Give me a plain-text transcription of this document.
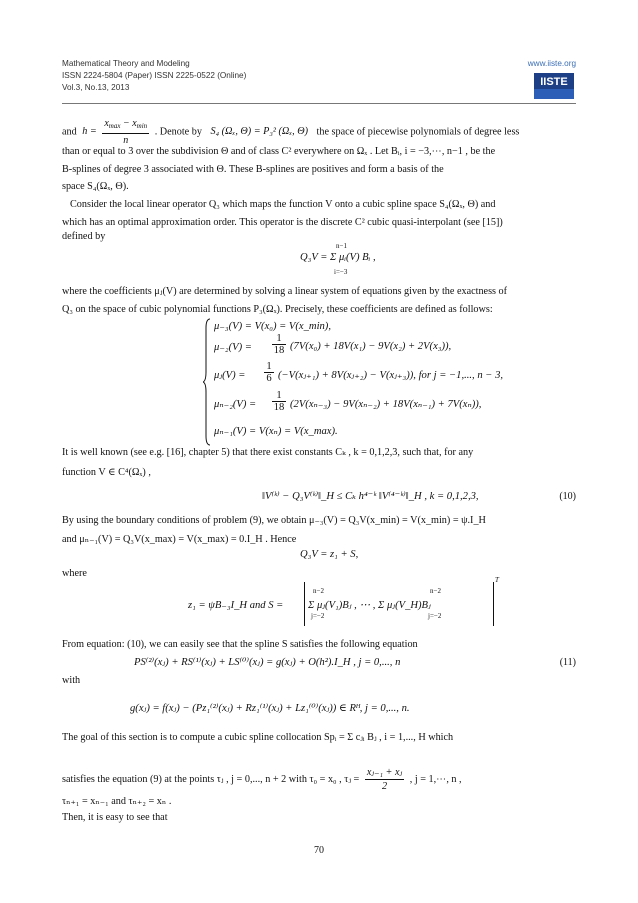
Mathematical Theory and Modeling
ISSN 2224-5804 (Paper) ISSN 2225-0522 (Online)
Vol.3, No.13, 2013
www.iiste.org
IISTE
and h =
$x_{max} - x_{min}$
n
. Denote by S₄ (Ωₓ, Θ) = P₃² (Ωₓ, Θ) the space of piecewise polynomials of degree less
than or equal to 3 over the subdivision Θ and of class C² everywhere on Ωₓ . Let Bᵢ, i = −3,⋯, n−1 , be the
B-splines of degree 3 associated with Θ. These B-splines are positives and form a basis of the
space S₄(Ωₓ, Θ).
Consider the local linear operator Q₃ which maps the function V onto a cubic spline space S₄(Ωₓ, Θ) and
which has an optimal approximation order. This operator is the discrete C² cubic quasi-interpolant (see [15])
defined by
n−1
Q₃V = Σ μᵢ(V) Bᵢ ,
i=−3
where the coefficients μⱼ(V) are determined by solving a linear system of equations given by the exactness of
Q₃ on the space of cubic polynomial functions P₃(Ωₓ). Precisely, these coefficients are defined as follows:
μ₋₃(V) = V(x₀) = V(x_min),
μ₋₂(V) =
1
18 (7V(x₀) + 18V(x₁) − 9V(x₂) + 2V(x₃)),
μⱼ(V) =
1
6 (−V(xⱼ₊₁) + 8V(xⱼ₊₂) − V(xⱼ₊₃)), for j = −1,..., n − 3,
μₙ₋₂(V) =
1
18 (2V(xₙ₋₃) − 9V(xₙ₋₂) + 18V(xₙ₋₁) + 7V(xₙ)),
μₙ₋₁(V) = V(xₙ) = V(x_max).
It is well known (see e.g. [16], chapter 5) that there exist constants Cₖ , k = 0,1,2,3, such that, for any
function V ∈ C⁴(Ωₓ) ,
‖V⁽ᵏ⁾ − Q₃V⁽ᵏ⁾‖_H ≤ Cₖ h⁴⁻ᵏ ‖V⁽⁴⁻ᵏ⁾‖_H , k = 0,1,2,3,	(10)
By using the boundary conditions of problem (9), we obtain μ₋₃(V) = Q₃V(x_min) = V(x_min) = ψ.I_H
and μₙ₋₁(V) = Q₃V(x_max) = V(x_max) = 0.I_H . Hence
Q₃V = z₁ + S,
where
z₁ = ψB₋₃I_H and S =
n−2	n−2
Σ μⱼ(V₁)Bⱼ , ⋯ , Σ μⱼ(V_H)Bⱼ
j=−2	j=−2
T
From equation: (10), we can easily see that the spline S satisfies the following equation
PS⁽²⁾(xⱼ) + RS⁽¹⁾(xⱼ) + LS⁽⁰⁾(xⱼ) = g(xⱼ) + O(h²).I_H , j = 0,..., n	(11)
with
g(xⱼ) = f(xⱼ) − (Pz₁⁽²⁾(xⱼ) + Rz₁⁽¹⁾(xⱼ) + Lz₁⁽⁰⁾(xⱼ)) ∈ Rᴴ, j = 0,..., n.
The goal of this section is to compute a cubic spline collocation Spᵢ = Σ cⱼᵢ Bⱼ , i = 1,..., H which
satisfies the equation (9) at the points τⱼ , j = 0,..., n + 2 with τ₀ = x₀ , τⱼ = $\frac{\text{xⱼ₋₁ + xⱼ}}{2}$ , j = 1,⋯, n ,
τₙ₊₁ = xₙ₋₁ and τₙ₊₂ = xₙ .
Then, it is easy to see that
70
